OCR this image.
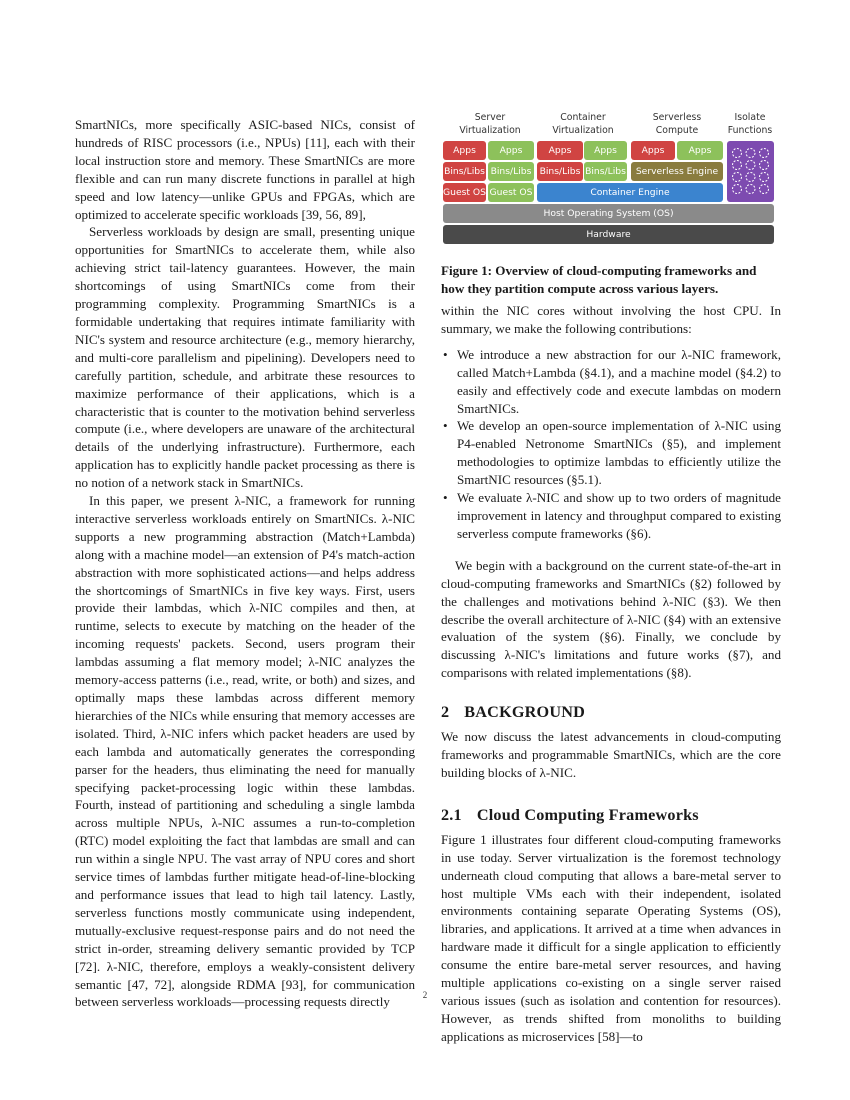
SmartNICs, more specifically ASIC-based NICs, consist of hundreds of RISC processors (i.e., NPUs) [11], each with their local instruction store and memory. These SmartNICs are more flexible and can run many discrete functions in parallel at high speed and low latency—unlike GPUs and FPGAs, which are optimized to accelerate specific workloads [39, 56, 89],

Serverless workloads by design are small, presenting unique opportunities for SmartNICs to accelerate them, while also achieving strict tail-latency guarantees. However, the main shortcomings of using SmartNICs come from their programming complexity. Programming SmartNICs is a formidable undertaking that requires intimate familiarity with NIC's system and resource architecture (e.g., memory hierarchy, and multi-core parallelism and pipelining). Developers need to carefully partition, schedule, and arbitrate these resources to maximize performance of their applications, which is a characteristic that is counter to the motivation behind serverless compute (i.e., where developers are unaware of the architectural details of the underlying infrastructure). Furthermore, each application has to explicitly handle packet processing as there is no notion of a network stack in SmartNICs.

In this paper, we present λ-NIC, a framework for running interactive serverless workloads entirely on SmartNICs. λ-NIC supports a new programming abstraction (Match+Lambda) along with a machine model—an extension of P4's match-action abstraction with more sophisticated actions—and helps address the shortcomings of SmartNICs in five key ways. First, users provide their lambdas, which λ-NIC compiles and then, at runtime, selects to execute by matching on the header of the incoming requests' packets. Second, users program their lambdas assuming a flat memory model; λ-NIC analyzes the memory-access patterns (i.e., read, write, or both) and sizes, and optimally maps these lambdas across different memory hierarchies of the NICs while ensuring that memory accesses are isolated. Third, λ-NIC infers which packet headers are used by each lambda and automatically generates the corresponding parser for the headers, thus eliminating the need for manually specifying packet-processing logic within these lambdas. Fourth, instead of partitioning and scheduling a single lambda across multiple NPUs, λ-NIC assumes a run-to-completion (RTC) model exploiting the fact that lambdas are small and can run within a single NPU. The vast array of NPU cores and short service times of lambdas further mitigate head-of-line-blocking and performance issues that lead to high tail latency. Lastly, serverless functions mostly communicate using independent, mutually-exclusive request-response pairs and do not need the strict in-order, streaming delivery semantic provided by TCP [72]. λ-NIC, therefore, employs a weakly-consistent delivery semantic [47, 72], alongside RDMA [93], for communication between serverless workloads—processing requests directly

Server
Virtualization
Container
Virtualization
Serverless
Compute
Isolate
Functions
Apps	Apps
Bins/Libs Bins/Libs
Guest OS Guest OS
Apps	Apps
Bins/Libs Bins/Libs
Apps	Apps
Serverless Engine
Container Engine
Host Operating System (OS)
Hardware
Figure 1: Overview of cloud-computing frameworks and how they partition compute across various layers.

within the NIC cores without involving the host CPU. In summary, we make the following contributions:

• We introduce a new abstraction for our λ-NIC framework, called Match+Lambda (§4.1), and a machine model (§4.2) to easily and effectively code and execute lambdas on modern SmartNICs.
• We develop an open-source implementation of λ-NIC using P4-enabled Netronome SmartNICs (§5), and implement methodologies to optimize lambdas to efficiently utilize the SmartNIC resources (§5.1).
• We evaluate λ-NIC and show up to two orders of magnitude improvement in latency and throughput compared to existing serverless compute frameworks (§6).

We begin with a background on the current state-of-the-art in cloud-computing frameworks and SmartNICs (§2) followed by the challenges and motivations behind λ-NIC (§3). We then describe the overall architecture of λ-NIC (§4) with an extensive evaluation of the system (§6). Finally, we conclude by discussing λ-NIC's limitations and future works (§7), and comparisons with related implementations (§8).

2 BACKGROUND

We now discuss the latest advancements in cloud-computing frameworks and programmable SmartNICs, which are the core building blocks of λ-NIC.

2.1 Cloud Computing Frameworks

Figure 1 illustrates four different cloud-computing frameworks in use today. Server virtualization is the foremost technology underneath cloud computing that allows a bare-metal server to host multiple VMs each with their independent, isolated environments containing separate Operating Systems (OS), libraries, and applications. It arrived at a time when advances in hardware made it difficult for a single application to efficiently consume the entire bare-metal server resources, and having multiple applications co-existing on a single server raised various issues (such as isolation and contention for resources). However, as trends shifted from monoliths to building applications as microservices [58]—to

2
